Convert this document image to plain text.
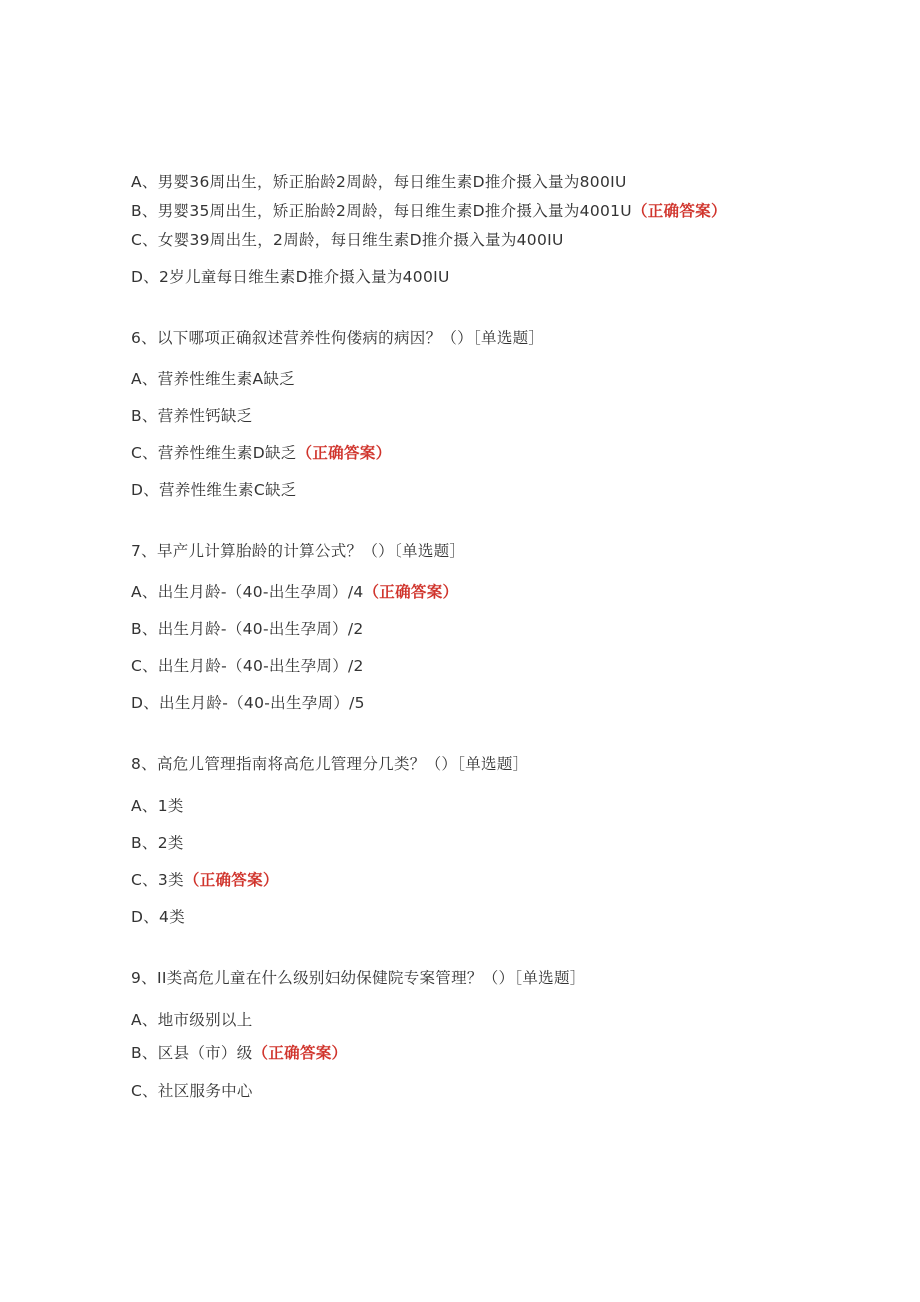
A、男婴36周出生，矫正胎龄2周龄，每日维生素D推介摄入量为800IU
B、男婴35周出生，矫正胎龄2周龄，每日维生素D推介摄入量为4001U（正确答案）
C、女婴39周出生，2周龄，每日维生素D推介摄入量为400IU
D、2岁儿童每日维生素D推介摄入量为400IU
6、以下哪项正确叙述营养性佝偻病的病因？（）［单选题］
A、营养性维生素A缺乏
B、营养性钙缺乏
C、营养性维生素D缺乏（正确答案）
D、营养性维生素C缺乏
7、早产儿计算胎龄的计算公式？（）〔单选题］
A、出生月龄-（40-出生孕周）/4（正确答案）
B、出生月龄-（40-出生孕周）/2
C、出生月龄-（40-出生孕周）/2
D、出生月龄-（40-出生孕周）/5
8、高危儿管理指南将高危儿管理分几类？（）［单选题］
A、1类
B、2类
C、3类（正确答案）
D、4类
9、II类高危儿童在什么级别妇幼保健院专案管理？（）［单选题］
A、地市级别以上
B、区县（市）级（正确答案）
C、社区服务中心
